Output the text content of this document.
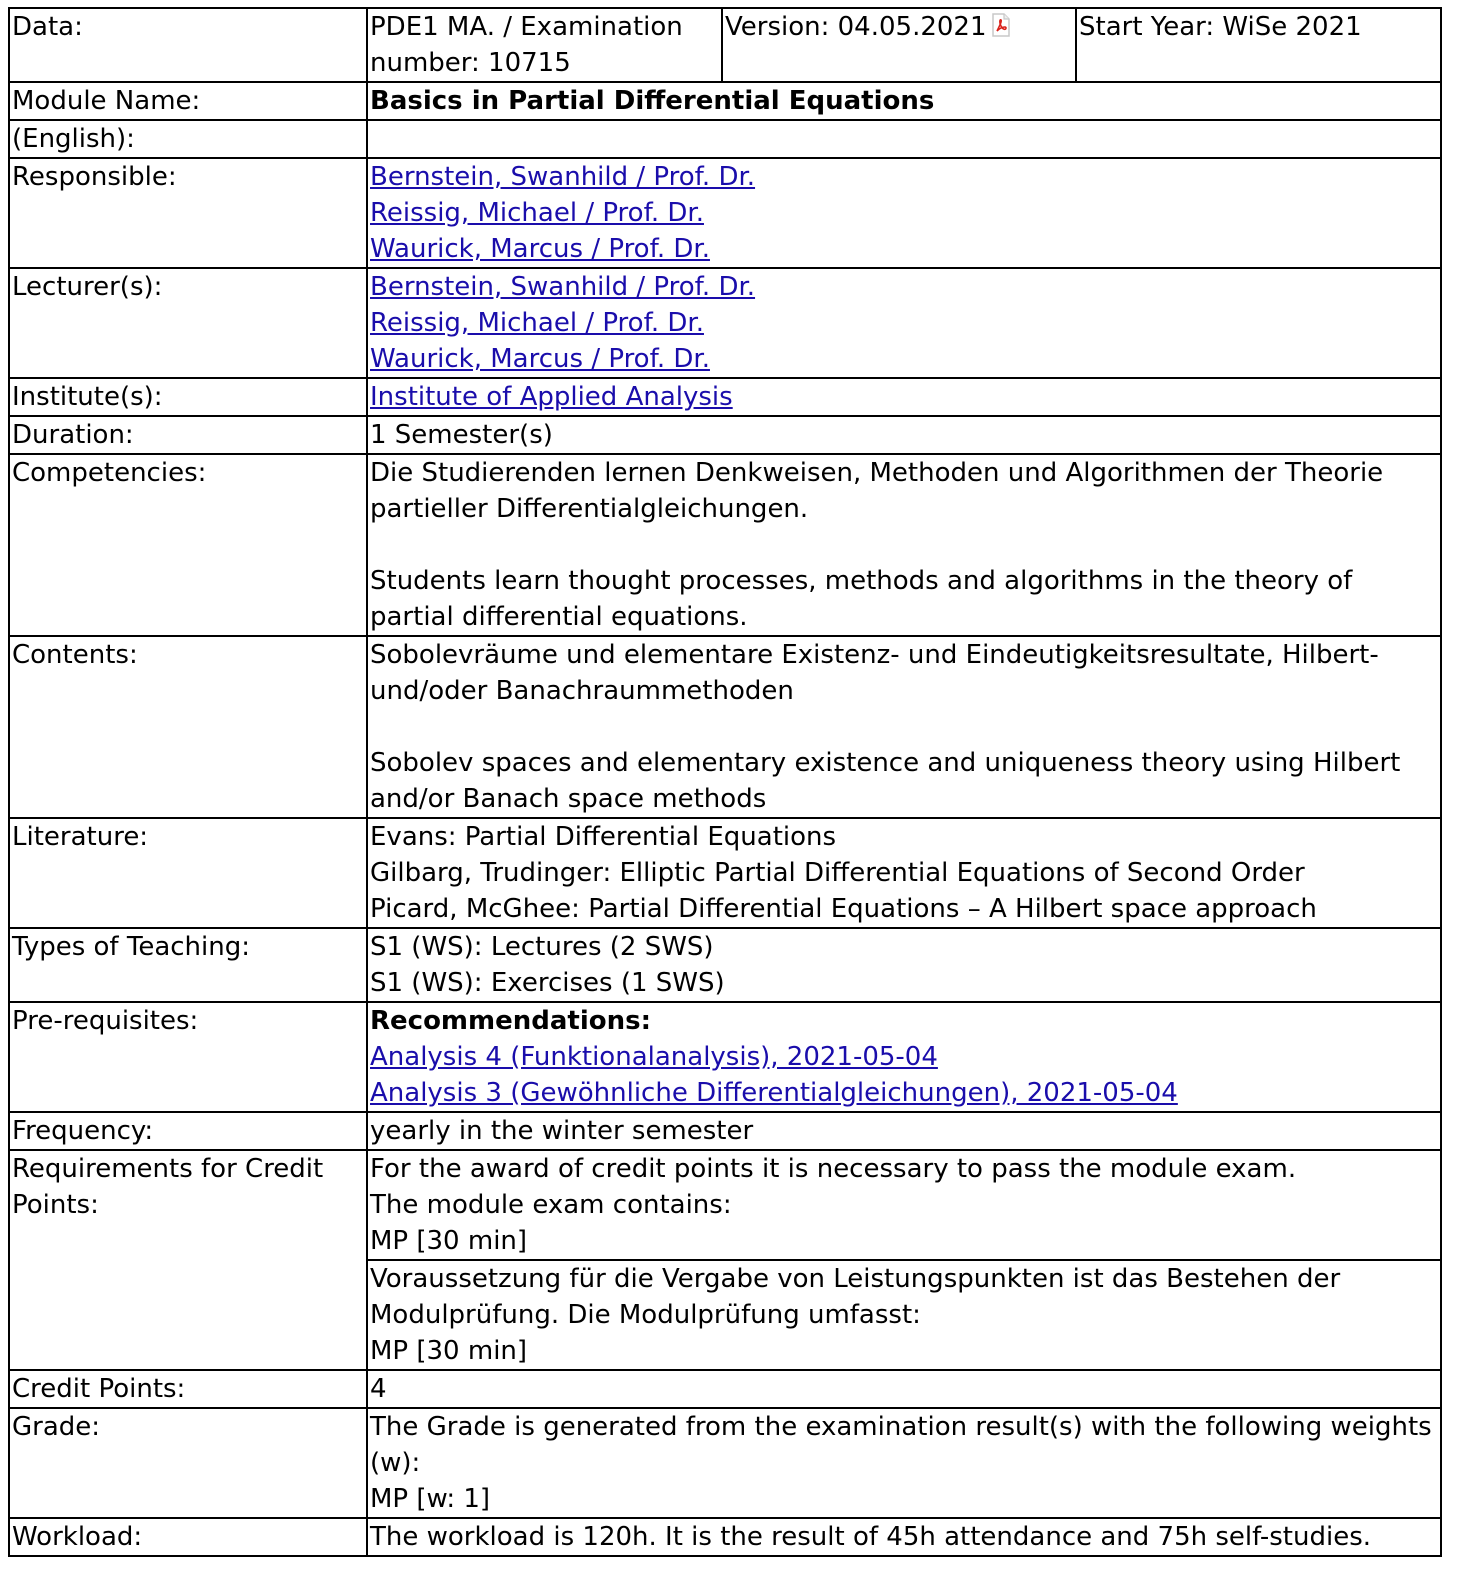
Data:	PDE1 MA. / Examination number: 10715	Version: 04.05.2021	Start Year: WiSe 2021
Module Name:	Basics in Partial Differential Equations
(English):	
Responsible:	Bernstein, Swanhild / Prof. Dr.
Reissig, Michael / Prof. Dr.
Waurick, Marcus / Prof. Dr.

Lecturer(s):	Bernstein, Swanhild / Prof. Dr.
Reissig, Michael / Prof. Dr.
Waurick, Marcus / Prof. Dr.

Institute(s):	Institute of Applied Analysis
Duration:	1 Semester(s)
Competencies:	Die Studierenden lernen Denkweisen, Methoden und Algorithmen der Theorie partieller Differentialgleichungen.
Students learn thought processes, methods and algorithms in the theory of partial differential equations.

Contents:	Sobolevräume und elementare Existenz- und Eindeutigkeitsresultate, Hilbert- und/oder Banachraummethoden
Sobolev spaces and elementary existence and uniqueness theory using Hilbert and/or Banach space methods

Literature:	Evans: Partial Differential Equations
Gilbarg, Trudinger: Elliptic Partial Differential Equations of Second Order
Picard, McGhee: Partial Differential Equations – A Hilbert space approach

Types of Teaching:	S1 (WS): Lectures (2 SWS)
S1 (WS): Exercises (1 SWS)

Pre-requisites:	Recommendations:
Analysis 4 (Funktionalanalysis), 2021-05-04
Analysis 3 (Gewöhnliche Differentialgleichungen), 2021-05-04

Frequency:	yearly in the winter semester
Requirements for Credit Points:	
For the award of credit points it is necessary to pass the module exam.
The module exam contains:
MP [30 min]

Voraussetzung für die Vergabe von Leistungspunkten ist das Bestehen der Modulprüfung. Die Modulprüfung umfasst:
MP [30 min]

Credit Points:	4
Grade:	The Grade is generated from the examination result(s) with the following weights (w):
MP [w: 1]

Workload:	The workload is 120h. It is the result of 45h attendance and 75h self-studies.
